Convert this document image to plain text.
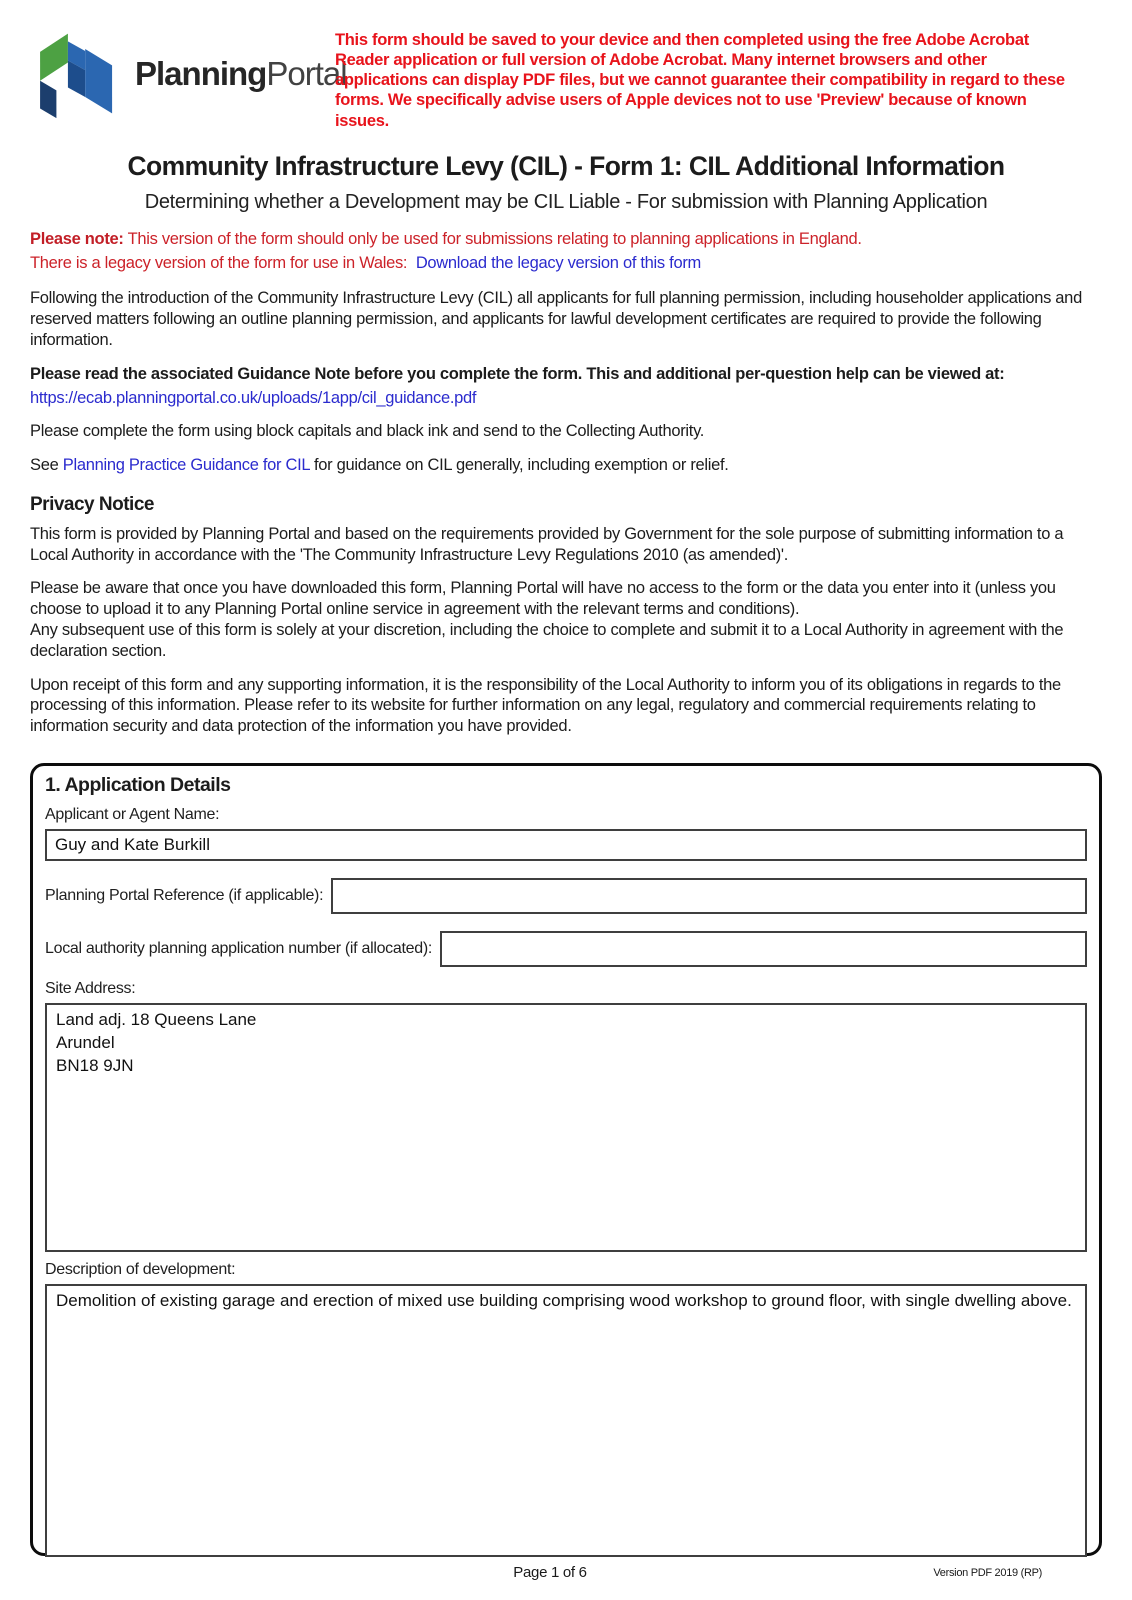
PlanningPortal
This form should be saved to your device and then completed using the free Adobe Acrobat Reader application or full version of Adobe Acrobat. Many internet browsers and other applications can display PDF files, but we cannot guarantee their compatibility in regard to these forms. We specifically advise users of Apple devices not to use 'Preview' because of known issues.
Community Infrastructure Levy (CIL) - Form 1: CIL Additional Information
Determining whether a Development may be CIL Liable - For submission with Planning Application
Please note: This version of the form should only be used for submissions relating to planning applications in England.
There is a legacy version of the form for use in Wales: Download the legacy version of this form

Following the introduction of the Community Infrastructure Levy (CIL) all applicants for full planning permission, including householder applications and reserved matters following an outline planning permission, and applicants for lawful development certificates are required to provide the following information.

Please read the associated Guidance Note before you complete the form. This and additional per-question help can be viewed at:

https://ecab.planningportal.co.uk/uploads/1app/cil_guidance.pdf

Please complete the form using block capitals and black ink and send to the Collecting Authority.

See Planning Practice Guidance for CIL for guidance on CIL generally, including exemption or relief.

Privacy Notice

This form is provided by Planning Portal and based on the requirements provided by Government for the sole purpose of submitting information to a Local Authority in accordance with the 'The Community Infrastructure Levy Regulations 2010 (as amended)'.

Please be aware that once you have downloaded this form, Planning Portal will have no access to the form or the data you enter into it (unless you choose to upload it to any Planning Portal online service in agreement with the relevant terms and conditions).
Any subsequent use of this form is solely at your discretion, including the choice to complete and submit it to a Local Authority in agreement with the declaration section.

Upon receipt of this form and any supporting information, it is the responsibility of the Local Authority to inform you of its obligations in regards to the processing of this information. Please refer to its website for further information on any legal, regulatory and commercial requirements relating to information security and data protection of the information you have provided.

1. Application Details
Applicant or Agent Name:
Guy and Kate Burkill
Planning Portal Reference (if applicable):
Local authority planning application number (if allocated):
Site Address:
Land adj. 18 Queens Lane Arundel BN18 9JN
Description of development:
Demolition of existing garage and erection of mixed use building comprising wood workshop to ground floor, with single dwelling above.
Page 1 of 6	Version PDF 2019 (RP)
